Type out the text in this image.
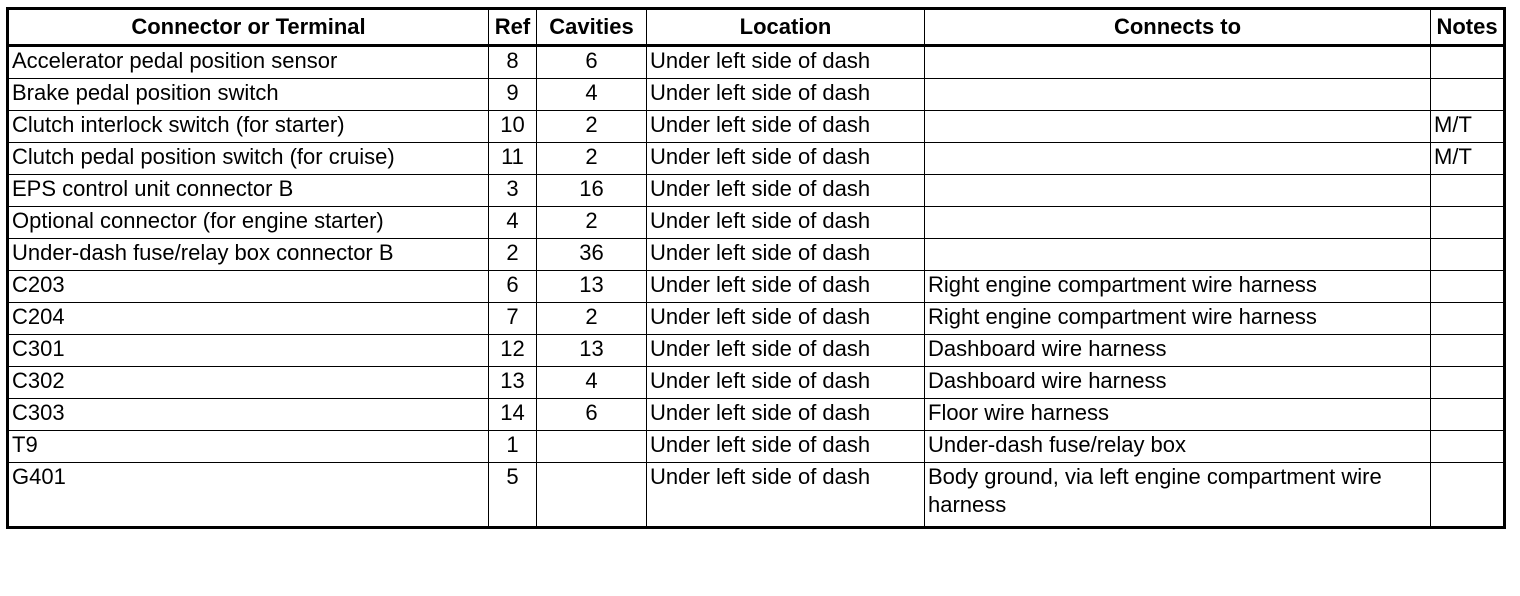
Connector or Terminal	Ref	Cavities	Location	Connects to	Notes
Accelerator pedal position sensor	8	6	Under left side of dash		
Brake pedal position switch	9	4	Under left side of dash		
Clutch interlock switch (for starter)	10	2	Under left side of dash		M/T
Clutch pedal position switch (for cruise)	11	2	Under left side of dash		M/T
EPS control unit connector B	3	16	Under left side of dash		
Optional connector (for engine starter)	4	2	Under left side of dash		
Under-dash fuse/relay box connector B	2	36	Under left side of dash		
C203	6	13	Under left side of dash	Right engine compartment wire harness	
C204	7	2	Under left side of dash	Right engine compartment wire harness	
C301	12	13	Under left side of dash	Dashboard wire harness	
C302	13	4	Under left side of dash	Dashboard wire harness	
C303	14	6	Under left side of dash	Floor wire harness	
T9	1		Under left side of dash	Under-dash fuse/relay box	
G401	5		Under left side of dash	Body ground, via left engine compartment wire harness	
